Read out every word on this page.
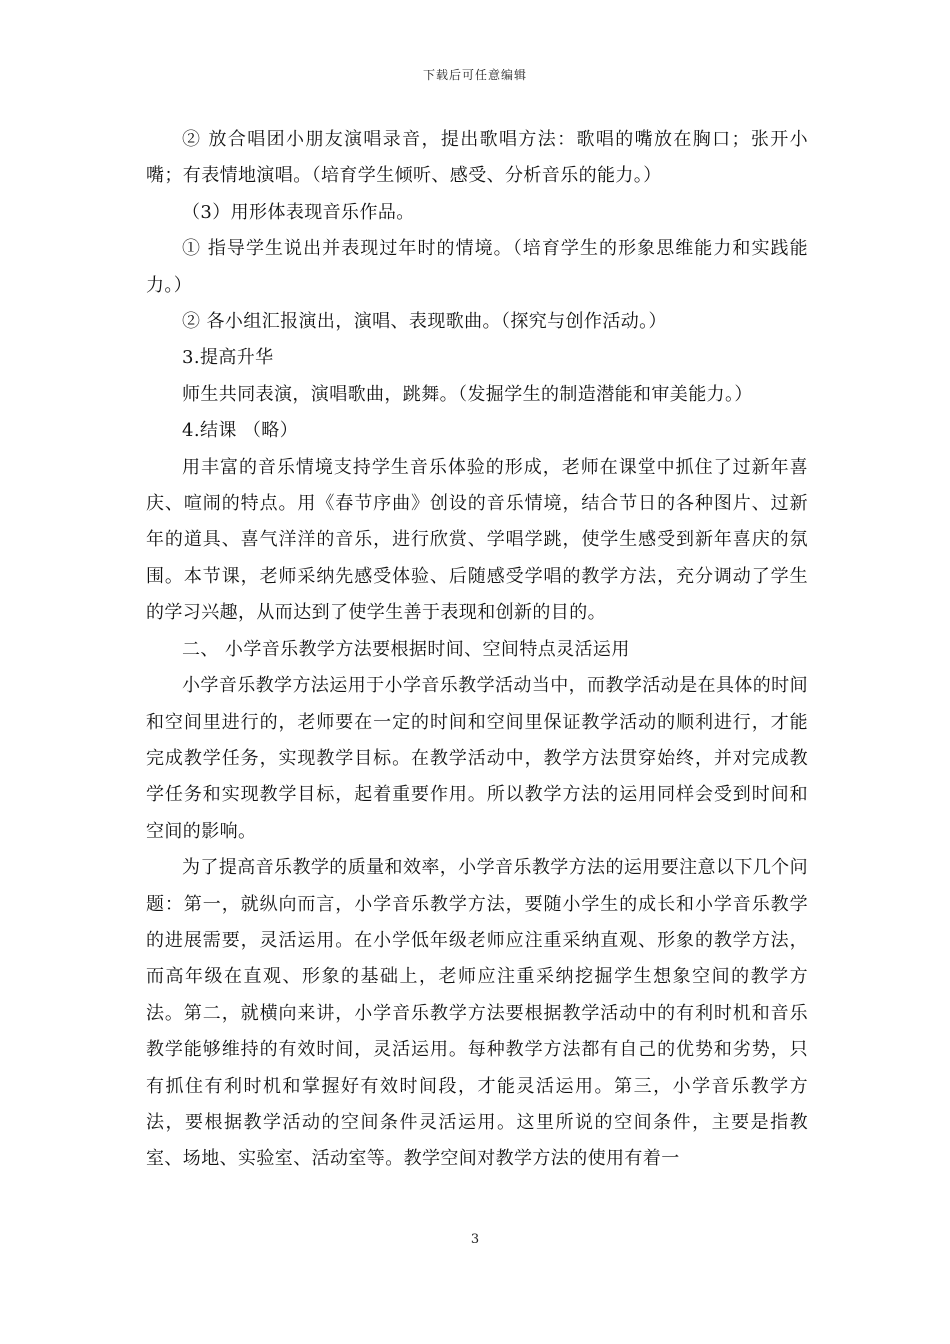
下载后可任意编辑

② 放合唱团小朋友演唱录音，提出歌唱方法：歌唱的嘴放在胸口；张开小嘴；有表情地演唱。（培育学生倾听、感受、分析音乐的能力。）

（3）用形体表现音乐作品。

① 指导学生说出并表现过年时的情境。（培育学生的形象思维能力和实践能力。）

② 各小组汇报演出，演唱、表现歌曲。（探究与创作活动。）

3.提高升华

师生共同表演，演唱歌曲，跳舞。（发掘学生的制造潜能和审美能力。）

4.结课 （略）

用丰富的音乐情境支持学生音乐体验的形成，老师在课堂中抓住了过新年喜庆、喧闹的特点。用《春节序曲》创设的音乐情境，结合节日的各种图片、过新年的道具、喜气洋洋的音乐，进行欣赏、学唱学跳，使学生感受到新年喜庆的氛围。本节课，老师采纳先感受体验、后随感受学唱的教学方法，充分调动了学生的学习兴趣，从而达到了使学生善于表现和创新的目的。

二、 小学音乐教学方法要根据时间、空间特点灵活运用

小学音乐教学方法运用于小学音乐教学活动当中，而教学活动是在具体的时间和空间里进行的，老师要在一定的时间和空间里保证教学活动的顺利进行，才能完成教学任务，实现教学目标。在教学活动中，教学方法贯穿始终，并对完成教学任务和实现教学目标，起着重要作用。所以教学方法的运用同样会受到时间和空间的影响。

为了提高音乐教学的质量和效率，小学音乐教学方法的运用要注意以下几个问题：第一，就纵向而言，小学音乐教学方法，要随小学生的成长和小学音乐教学的进展需要，灵活运用。在小学低年级老师应注重采纳直观、形象的教学方法，而高年级在直观、形象的基础上，老师应注重采纳挖掘学生想象空间的教学方法。第二，就横向来讲，小学音乐教学方法要根据教学活动中的有利时机和音乐教学能够维持的有效时间，灵活运用。每种教学方法都有自己的优势和劣势，只有抓住有利时机和掌握好有效时间段，才能灵活运用。第三，小学音乐教学方法，要根据教学活动的空间条件灵活运用。这里所说的空间条件，主要是指教室、场地、实验室、活动室等。教学空间对教学方法的使用有着一

3
